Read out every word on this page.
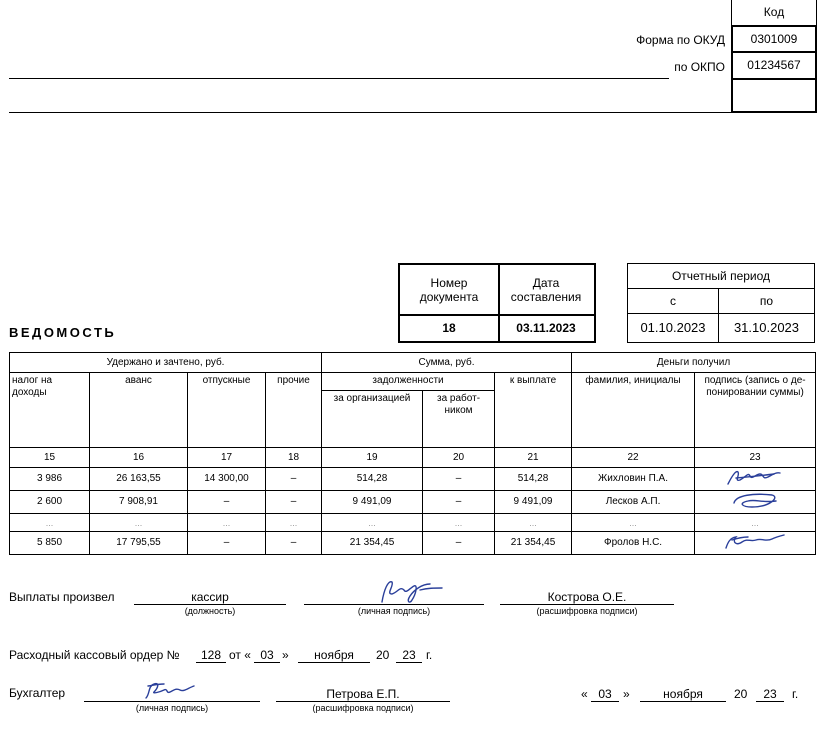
Код
0301009
01234567
Форма по ОКУД
по ОКПО
Номер документа
Дата составления
18	03.11.2023
Отчетный период
с	по
01.10.2023 31.10.2023
ВЕДОМОСТЬ
Удержано и зачтено, руб.				Сумма, руб.			Деньги получил	
налог на доходы	аванс	отпускные	прочие	задолженности		к выплате	фамилия, инициалы	подпись (запись о де-понировании суммы)
				за организацией	за работ-ником			
15	16	17	18	19	20	21	22	23
3 986	26 163,55	14 300,00	–	514,28	–	514,28	Жихловин П.А.	
2 600	7 908,91	–	–	9 491,09	–	9 491,09	Лесков А.П.	
...	...	...	...	...	...	...	...	...
5 850	17 795,55	–	–	21 354,45	–	21 354,45	Фролов Н.С.	
Выплаты произвел	кассир
(должность)	(личная подпись)
Кострова О.Е.
(расшифровка подписи)
Расходный кассовый ордер №	128 от « 03 »	ноября	20	23 г.
Бухгалтер
(личная подпись)
Петрова Е.П.
(расшифровка подписи)
« 03 »	ноября	20	23	г.
